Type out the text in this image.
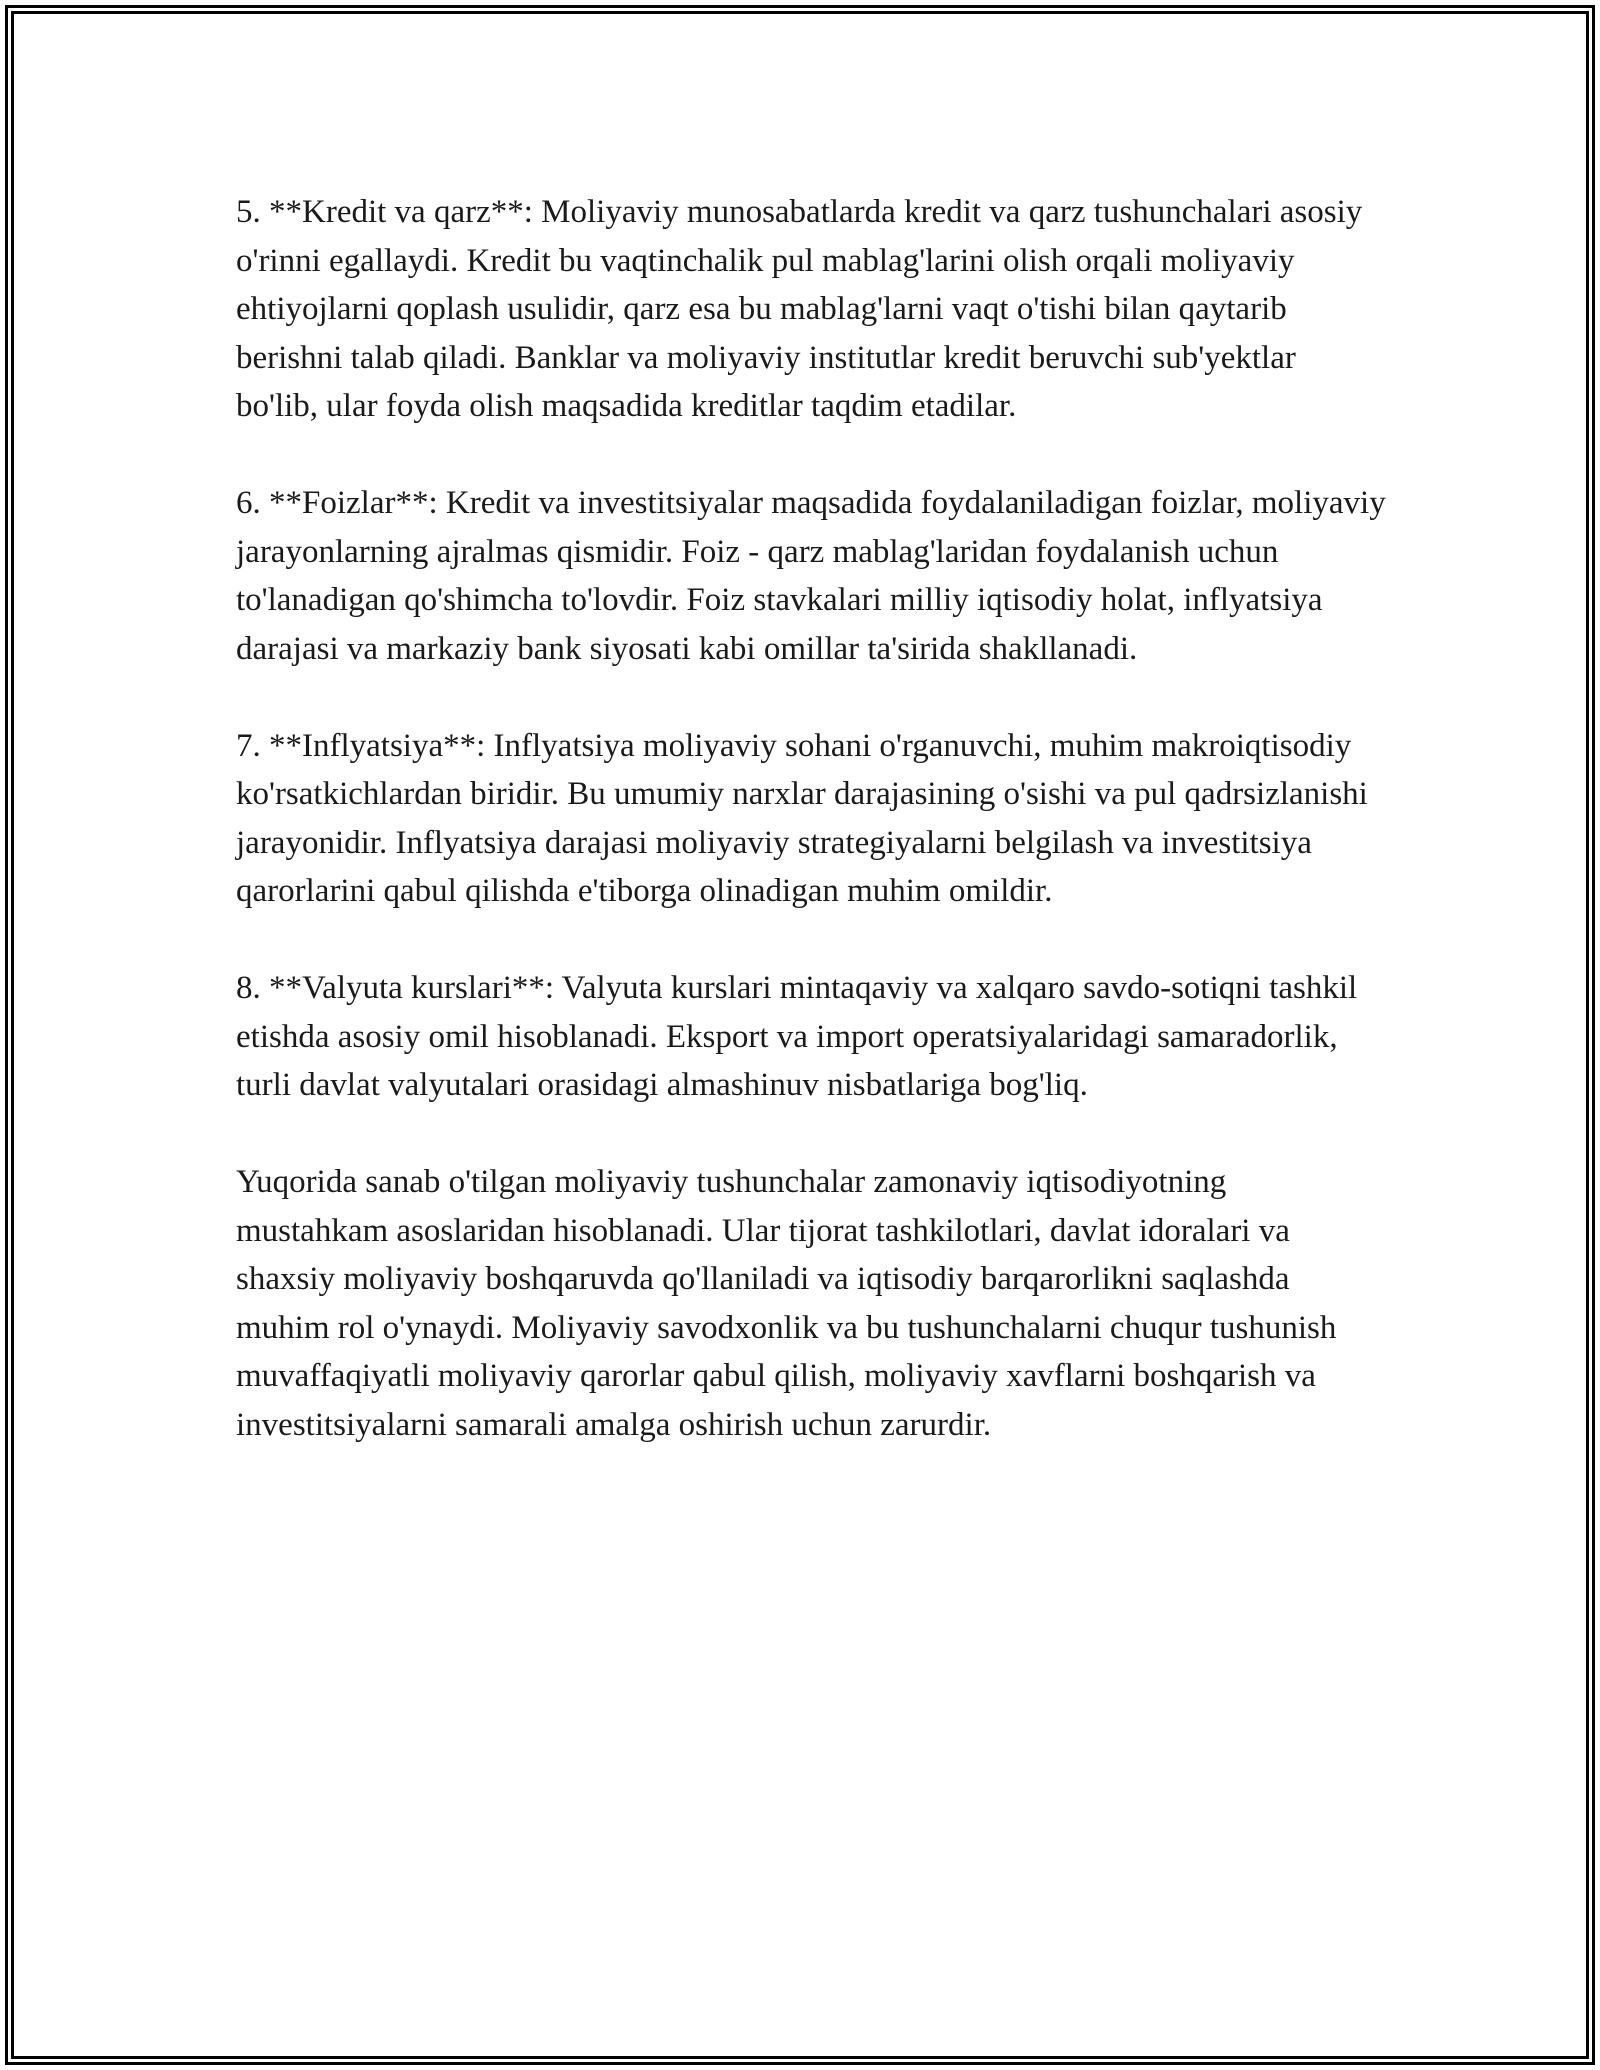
5. **Kredit va qarz**: Moliyaviy munosabatlarda kredit va qarz tushunchalari asosiy o'rinni egallaydi. Kredit bu vaqtinchalik pul mablag'larini olish orqali moliyaviy ehtiyojlarni qoplash usulidir, qarz esa bu mablag'larni vaqt o'tishi bilan qaytarib berishni talab qiladi. Banklar va moliyaviy institutlar kredit beruvchi sub'yektlar bo'lib, ular foyda olish maqsadida kreditlar taqdim etadilar.

6. **Foizlar**: Kredit va investitsiyalar maqsadida foydalaniladigan foizlar, moliyaviy jarayonlarning ajralmas qismidir. Foiz - qarz mablag'laridan foydalanish uchun to'lanadigan qo'shimcha to'lovdir. Foiz stavkalari milliy iqtisodiy holat, inflyatsiya darajasi va markaziy bank siyosati kabi omillar ta'sirida shakllanadi.

7. **Inflyatsiya**: Inflyatsiya moliyaviy sohani o'rganuvchi, muhim makroiqtisodiy ko'rsatkichlardan biridir. Bu umumiy narxlar darajasining o'sishi va pul qadrsizlanishi jarayonidir. Inflyatsiya darajasi moliyaviy strategiyalarni belgilash va investitsiya qarorlarini qabul qilishda e'tiborga olinadigan muhim omildir.

8. **Valyuta kurslari**: Valyuta kurslari mintaqaviy va xalqaro savdo-sotiqni tashkil etishda asosiy omil hisoblanadi. Eksport va import operatsiyalaridagi samaradorlik, turli davlat valyutalari orasidagi almashinuv nisbatlariga bog'liq.

Yuqorida sanab o'tilgan moliyaviy tushunchalar zamonaviy iqtisodiyotning mustahkam asoslaridan hisoblanadi. Ular tijorat tashkilotlari, davlat idoralari va shaxsiy moliyaviy boshqaruvda qo'llaniladi va iqtisodiy barqarorlikni saqlashda muhim rol o'ynaydi. Moliyaviy savodxonlik va bu tushunchalarni chuqur tushunish muvaffaqiyatli moliyaviy qarorlar qabul qilish, moliyaviy xavflarni boshqarish va investitsiyalarni samarali amalga oshirish uchun zarurdir.
